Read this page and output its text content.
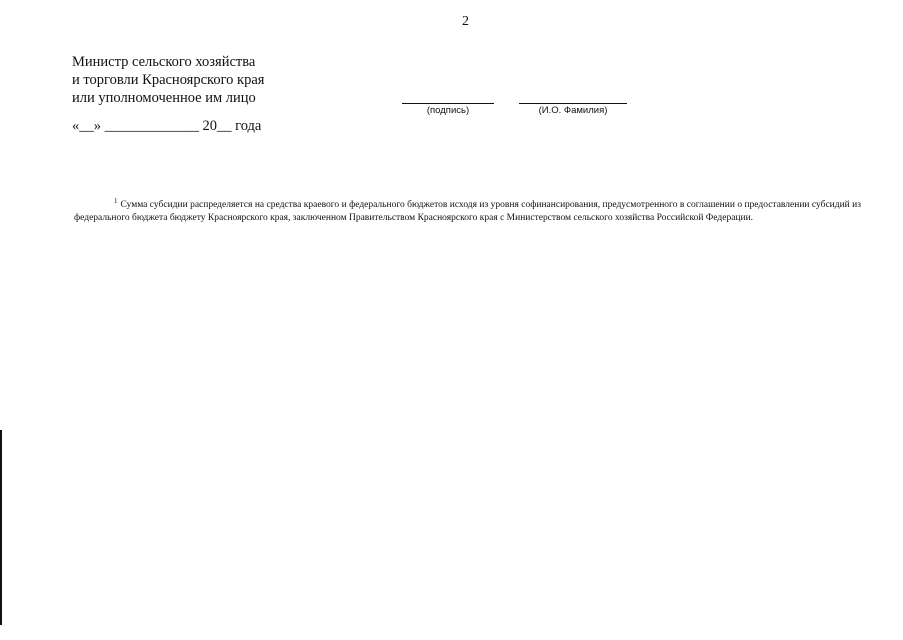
2
Министр сельского хозяйства
и торговли Красноярского края
или уполномоченное им лицо
«__» _____________ 20__ года
(подпись)	(И.О. Фамилия)
$^1$ Сумма субсидии распределяется на средства краевого и федерального бюджетов исходя из уровня софинансирования, предусмотренного в соглашении о предоставлении субсидий из федерального бюджета бюджету Красноярского края, заключенном Правительством Красноярского края с Министерством сельского хозяйства Российской Федерации.
